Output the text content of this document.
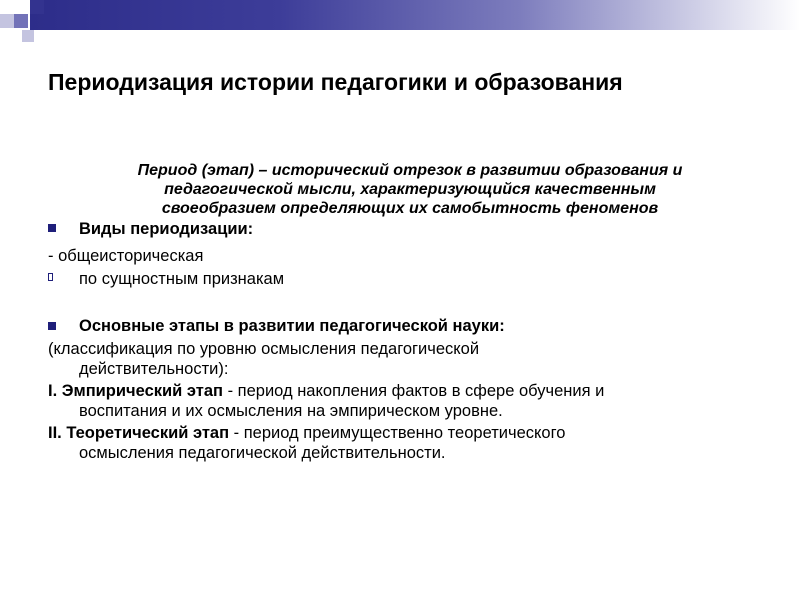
Периодизация истории педагогики и образования
Период (этап) – исторический отрезок в развитии образования и
педагогической мысли, характеризующийся качественным
своеобразием определяющих их самобытность феноменов
Виды периодизации:
- общеисторическая
по сущностным признакам
Основные этапы в развитии педагогической науки:
(классификация по уровню осмысления педагогической
действительности):
I. Эмпирический этап - период накопления фактов в сфере обучения и
воспитания и их осмысления на эмпирическом уровне.
II. Теоретический этап - период преимущественно теоретического
осмысления педагогической действительности.
